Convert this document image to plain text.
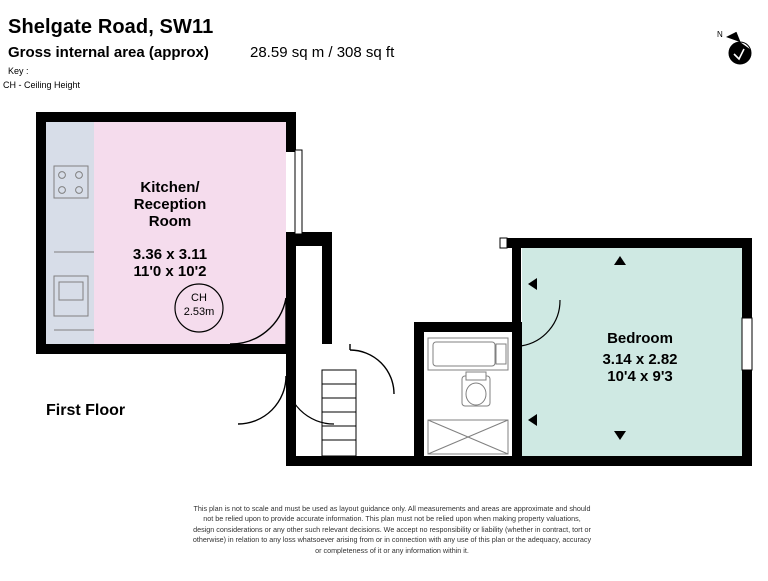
Shelgate Road, SW11
Gross internal area (approx)	28.59 sq m / 308 sq ft
Key :
CH - Ceiling Height
N
Kitchen/
Reception
Room
3.36 x 3.11
11'0 x 10'2
CH
2.53m
Bedroom
3.14 x 2.82
10'4 x 9'3
First Floor
This plan is not to scale and must be used as layout guidance only. All measurements and areas are approximate and should
not be relied upon to provide accurate information. This plan must not be relied upon when making property valuations,
design considerations or any other such relevant decisions. We accept no responsibility or liability (whether in contract, tort or
otherwise) in relation to any loss whatsoever arising from or in connection with any use of this plan or the adequacy, accuracy
or completeness of it or any information within it.
